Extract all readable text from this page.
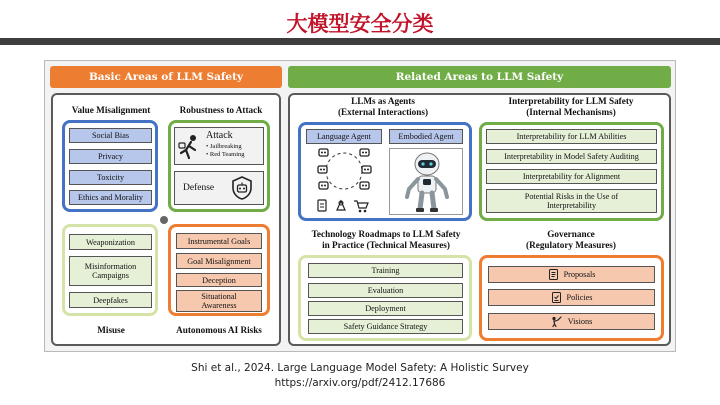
大模型安全分类
Basic Areas of LLM Safety	Related Areas to LLM Safety
Value Misalignment
Social Bias
Privacy
Toxicity
Ethics and Morality
Robustness to Attack
Attack
• Jailbreaking
• Red Teaming
Defense
Weaponization
Misinformation Campaigns
Deepfakes
Misuse
Instrumental Goals
Goal Misalignment
Deception
Situational Awareness
Autonomous AI Risks
LLMs as Agents
(External Interactions)
Language Agent	Embodied Agent
Interpretability for LLM Safety
(Internal Mechanisms)
Interpretability for LLM Abilities
Interpretability in Model Safety Auditing
Interpretability for Alignment
Potential Risks in the Use of Interpretability
Technology Roadmaps to LLM Safety
in Practice (Technical Measures)
Training
Evaluation
Deployment
Safety Guidance Strategy
Governance
(Regulatory Measures)
Proposals
Policies
Visions
Shi et al., 2024. Large Language Model Safety: A Holistic Survey
https://arxiv.org/pdf/2412.17686
